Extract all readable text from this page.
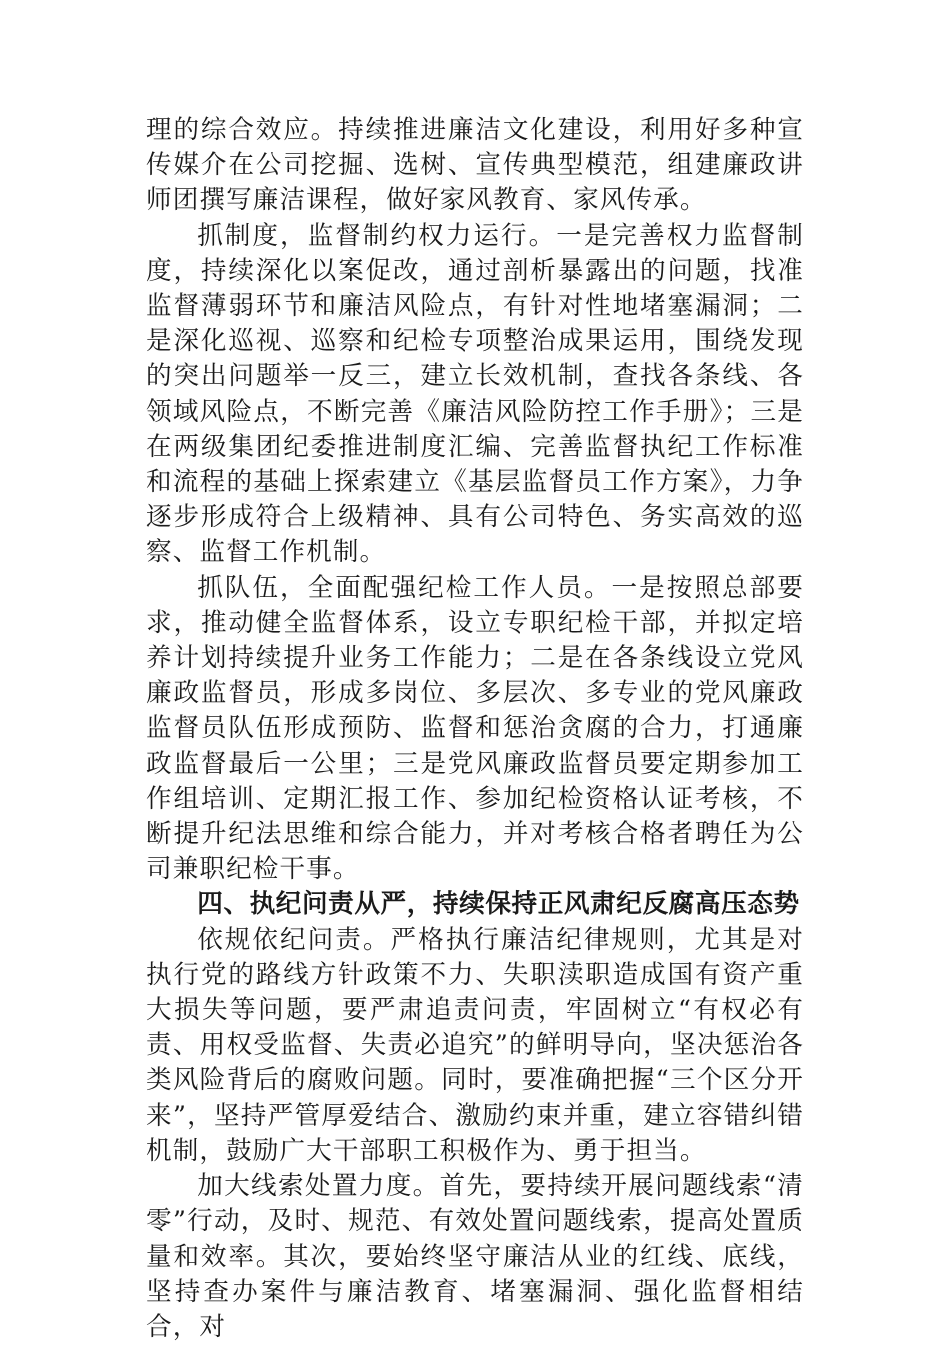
理的综合效应。持续推进廉洁文化建设，利用好多种宣传媒介在公司挖掘、选树、宣传典型模范，组建廉政讲师团撰写廉洁课程，做好家风教育、家风传承。

抓制度，监督制约权力运行。一是完善权力监督制度，持续深化以案促改，通过剖析暴露出的问题，找准监督薄弱环节和廉洁风险点，有针对性地堵塞漏洞；二是深化巡视、巡察和纪检专项整治成果运用，围绕发现的突出问题举一反三，建立长效机制，查找各条线、各领域风险点，不断完善《廉洁风险防控工作手册》；三是在两级集团纪委推进制度汇编、完善监督执纪工作标准和流程的基础上探索建立《基层监督员工作方案》，力争逐步形成符合上级精神、具有公司特色、务实高效的巡察、监督工作机制。

抓队伍，全面配强纪检工作人员。一是按照总部要求，推动健全监督体系，设立专职纪检干部，并拟定培养计划持续提升业务工作能力；二是在各条线设立党风廉政监督员，形成多岗位、多层次、多专业的党风廉政监督员队伍形成预防、监督和惩治贪腐的合力，打通廉政监督最后一公里；三是党风廉政监督员要定期参加工作组培训、定期汇报工作、参加纪检资格认证考核，不断提升纪法思维和综合能力，并对考核合格者聘任为公司兼职纪检干事。

四、执纪问责从严，持续保持正风肃纪反腐高压态势

依规依纪问责。严格执行廉洁纪律规则，尤其是对执行党的路线方针政策不力、失职渎职造成国有资产重大损失等问题，要严肃追责问责，牢固树立“有权必有责、用权受监督、失责必追究”的鲜明导向，坚决惩治各类风险背后的腐败问题。同时，要准确把握“三个区分开来”，坚持严管厚爱结合、激励约束并重，建立容错纠错机制，鼓励广大干部职工积极作为、勇于担当。

加大线索处置力度。首先，要持续开展问题线索“清零”行动，及时、规范、有效处置问题线索，提高处置质量和效率。其次，要始终坚守廉洁从业的红线、底线，坚持查办案件与廉洁教育、堵塞漏洞、强化监督相结合，对
